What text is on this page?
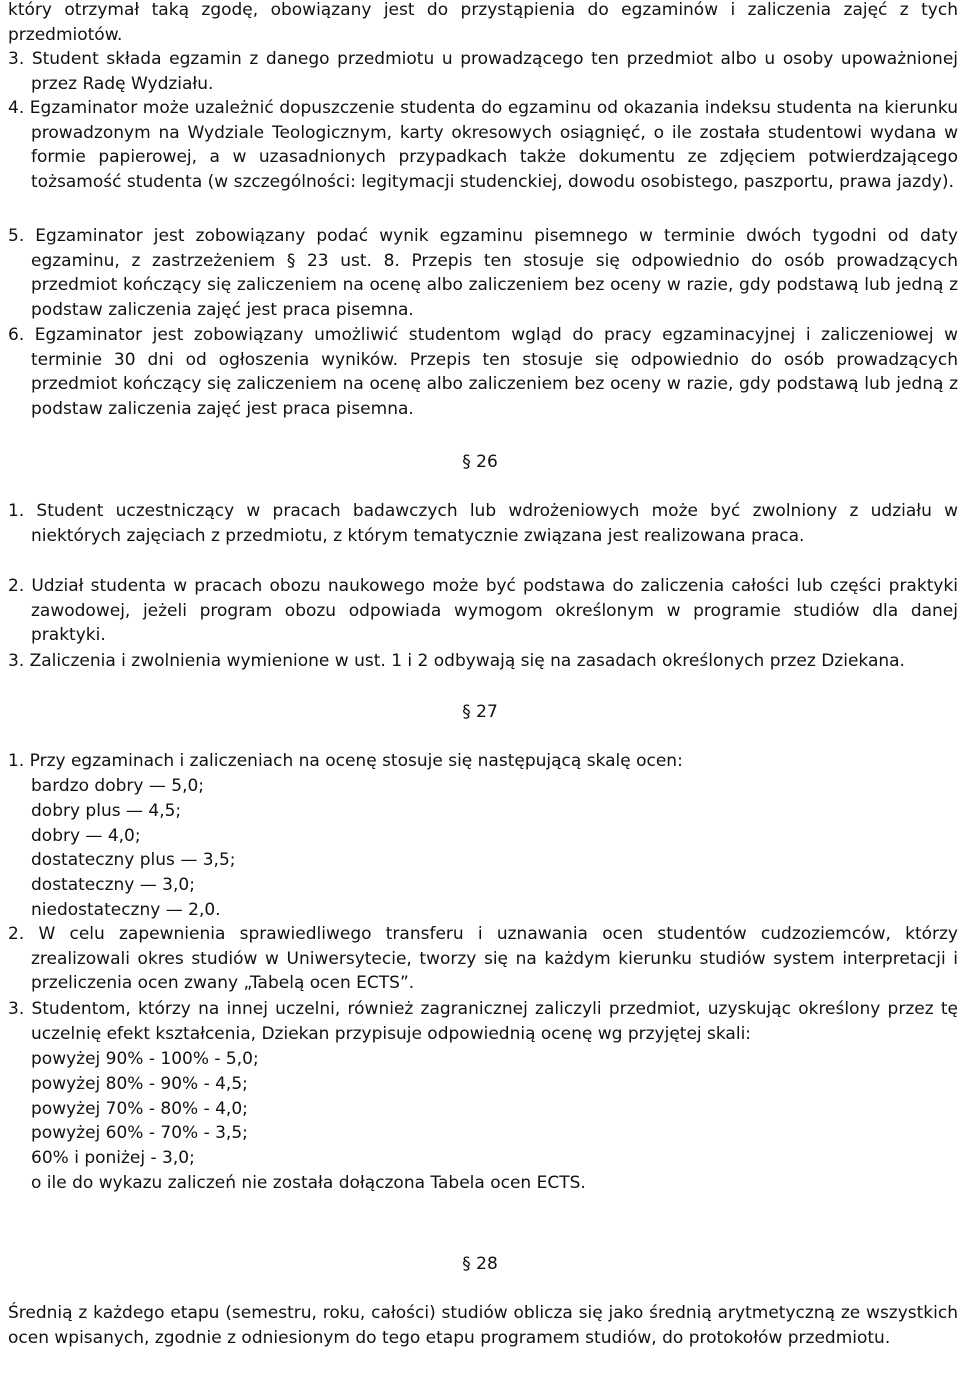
który otrzymał taką zgodę, obowiązany jest do przystąpienia do egzaminów i zaliczenia zajęć z tych przedmiotów.

3. Student składa egzamin z danego przedmiotu u prowadzącego ten przedmiot albo u osoby upoważnionej przez Radę Wydziału.

4. Egzaminator może uzależnić dopuszczenie studenta do egzaminu od okazania indeksu studenta na kierunku prowadzonym na Wydziale Teologicznym, karty okresowych osiągnięć, o ile została studentowi wydana w formie papierowej, a w uzasadnionych przypadkach także dokumentu ze zdjęciem potwierdzającego tożsamość studenta (w szczególności: legitymacji studenckiej, dowodu osobistego, paszportu, prawa jazdy).

5. Egzaminator jest zobowiązany podać wynik egzaminu pisemnego w terminie dwóch tygodni od daty egzaminu, z zastrzeżeniem § 23 ust. 8. Przepis ten stosuje się odpowiednio do osób prowadzących przedmiot kończący się zaliczeniem na ocenę albo zaliczeniem bez oceny w razie, gdy podstawą lub jedną z podstaw zaliczenia zajęć jest praca pisemna.

6. Egzaminator jest zobowiązany umożliwić studentom wgląd do pracy egzaminacyjnej i zaliczeniowej w terminie 30 dni od ogłoszenia wyników. Przepis ten stosuje się odpowiednio do osób prowadzących przedmiot kończący się zaliczeniem na ocenę albo zaliczeniem bez oceny w razie, gdy podstawą lub jedną z podstaw zaliczenia zajęć jest praca pisemna.

§ 26

1. Student uczestniczący w pracach badawczych lub wdrożeniowych może być zwolniony z udziału w niektórych zajęciach z przedmiotu, z którym tematycznie związana jest realizowana praca.

2. Udział studenta w pracach obozu naukowego może być podstawa do zaliczenia całości lub części praktyki zawodowej, jeżeli program obozu odpowiada wymogom określonym w programie studiów dla danej praktyki.

3. Zaliczenia i zwolnienia wymienione w ust. 1 i 2 odbywają się na zasadach określonych przez Dziekana.

§ 27

1. Przy egzaminach i zaliczeniach na ocenę stosuje się następującą skalę ocen:

bardzo dobry — 5,0;
dobry plus — 4,5;
dobry — 4,0;
dostateczny plus — 3,5;
dostateczny — 3,0;
niedostateczny — 2,0.

2. W celu zapewnienia sprawiedliwego transferu i uznawania ocen studentów cudzoziemców, którzy zrealizowali okres studiów w Uniwersytecie, tworzy się na każdym kierunku studiów system interpretacji i przeliczenia ocen zwany „Tabelą ocen ECTS”.

3. Studentom, którzy na innej uczelni, również zagranicznej zaliczyli przedmiot, uzyskując określony przez tę uczelnię efekt kształcenia, Dziekan przypisuje odpowiednią ocenę wg przyjętej skali:

powyżej 90% - 100% - 5,0;
powyżej 80% - 90% - 4,5;
powyżej 70% - 80% - 4,0;
powyżej 60% - 70% - 3,5;
60% i poniżej - 3,0;
o ile do wykazu zaliczeń nie została dołączona Tabela ocen ECTS.
§ 28

Średnią z każdego etapu (semestru, roku, całości) studiów oblicza się jako średnią arytmetyczną ze wszystkich ocen wpisanych, zgodnie z odniesionym do tego etapu programem studiów, do protokołów przedmiotu.
